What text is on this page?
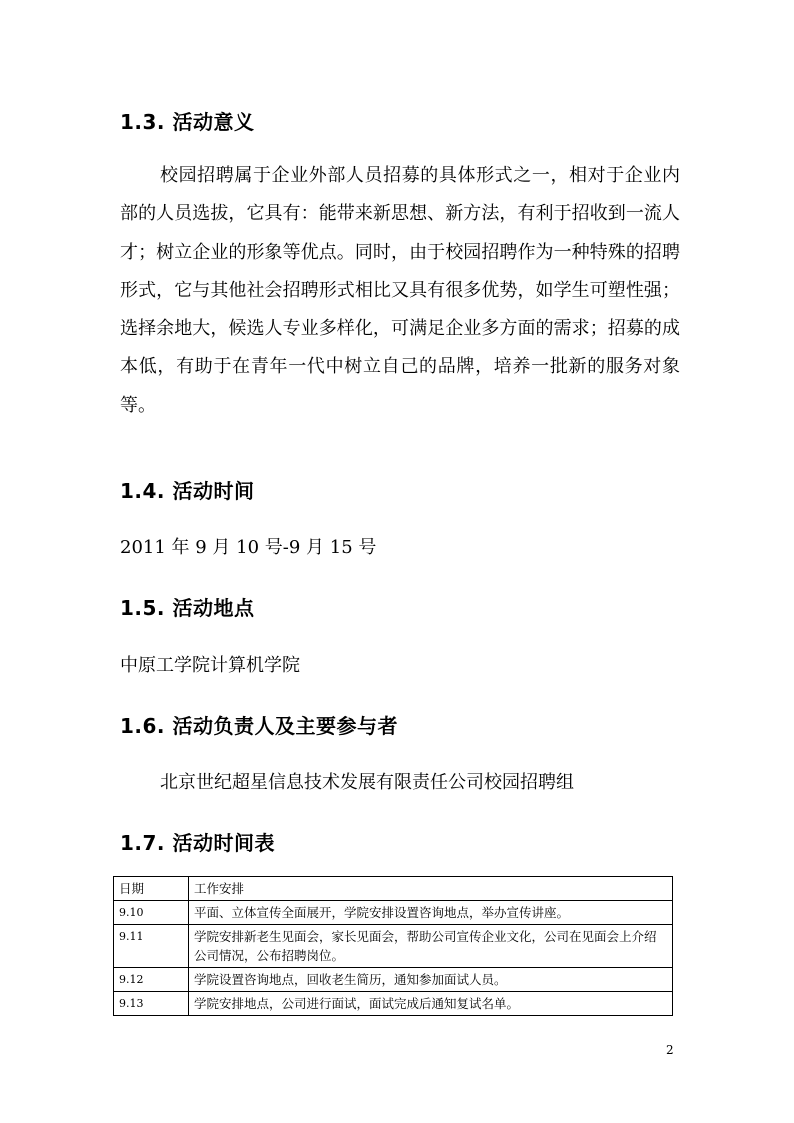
1.3. 活动意义

校园招聘属于企业外部人员招募的具体形式之一，相对于企业内部的人员选拔，它具有：能带来新思想、新方法，有利于招收到一流人才；树立企业的形象等优点。同时，由于校园招聘作为一种特殊的招聘形式，它与其他社会招聘形式相比又具有很多优势，如学生可塑性强；选择余地大，候选人专业多样化，可满足企业多方面的需求；招募的成本低，有助于在青年一代中树立自己的品牌，培养一批新的服务对象等。

1.4. 活动时间

2011 年 9 月 10 号-9 月 15 号

1.5. 活动地点

中原工学院计算机学院

1.6. 活动负责人及主要参与者

北京世纪超星信息技术发展有限责任公司校园招聘组

1.7. 活动时间表
日期	工作安排
9.10	平面、立体宣传全面展开，学院安排设置咨询地点，举办宣传讲座。
9.11	学院安排新老生见面会，家长见面会，帮助公司宣传企业文化，公司在见面会上介绍公司情况，公布招聘岗位。
9.12	学院设置咨询地点，回收老生简历，通知参加面试人员。
9.13	学院安排地点，公司进行面试，面试完成后通知复试名单。
2
